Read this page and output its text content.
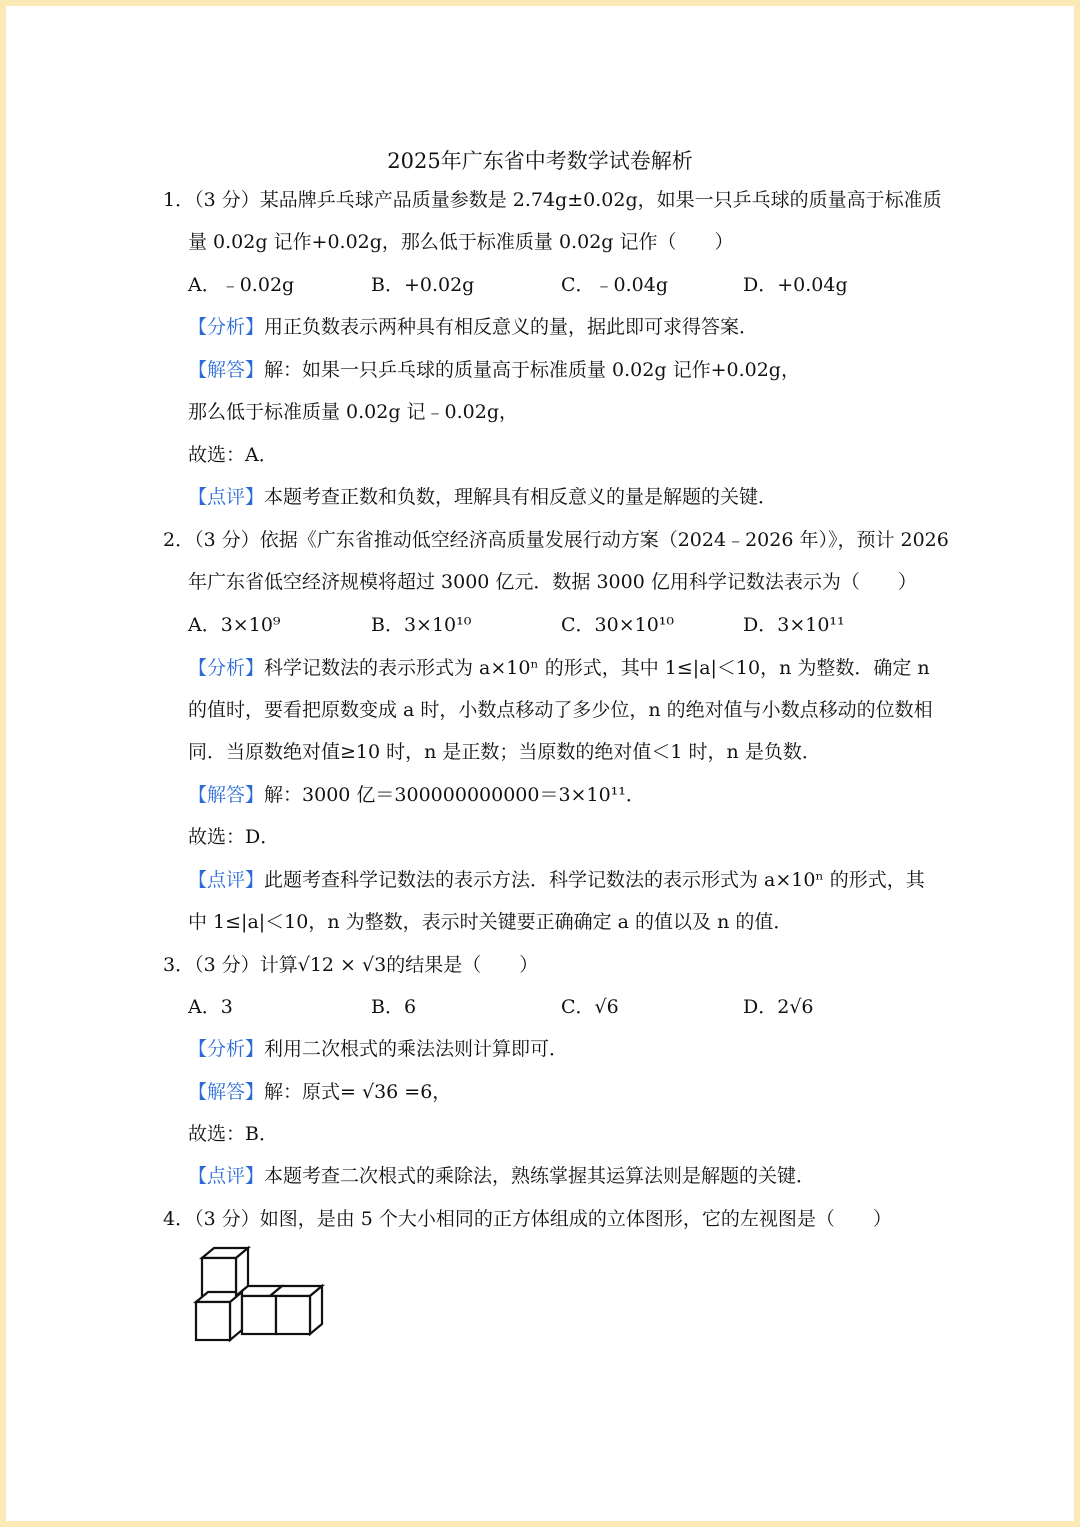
2025年广东省中考数学试卷解析
1．（3 分）某品牌乒乓球产品质量参数是 2.74g±0.02g，如果一只乒乓球的质量高于标准质
量 0.02g 记作+0.02g，那么低于标准质量 0.02g 记作（　　）
A．﹣0.02g	B．+0.02g	C．﹣0.04g	D．+0.04g
【分析】用正负数表示两种具有相反意义的量，据此即可求得答案．
【解答】解：如果一只乒乓球的质量高于标准质量 0.02g 记作+0.02g，
那么低于标准质量 0.02g 记﹣0.02g，
故选：A．
【点评】本题考查正数和负数，理解具有相反意义的量是解题的关键．
2．（3 分）依据《广东省推动低空经济高质量发展行动方案（2024﹣2026 年）》，预计 2026
年广东省低空经济规模将超过 3000 亿元．数据 3000 亿用科学记数法表示为（　　）
A．3×10⁹	B．3×10¹⁰	C．30×10¹⁰	D．3×10¹¹
【分析】科学记数法的表示形式为 a×10ⁿ 的形式，其中 1≤|a|＜10，n 为整数．确定 n
的值时，要看把原数变成 a 时，小数点移动了多少位，n 的绝对值与小数点移动的位数相
同．当原数绝对值≥10 时，n 是正数；当原数的绝对值＜1 时，n 是负数．
【解答】解：3000 亿＝300000000000＝3×10¹¹．
故选：D．
【点评】此题考查科学记数法的表示方法．科学记数法的表示形式为 a×10ⁿ 的形式，其
中 1≤|a|＜10，n 为整数，表示时关键要正确确定 a 的值以及 n 的值．
3．（3 分）计算√12 × √3的结果是（　　）
A．3	B．6	C．√6	D．2√6
【分析】利用二次根式的乘法法则计算即可．
【解答】解：原式= √36 =6，
故选：B．
【点评】本题考查二次根式的乘除法，熟练掌握其运算法则是解题的关键．
4．（3 分）如图，是由 5 个大小相同的正方体组成的立体图形，它的左视图是（　　）
